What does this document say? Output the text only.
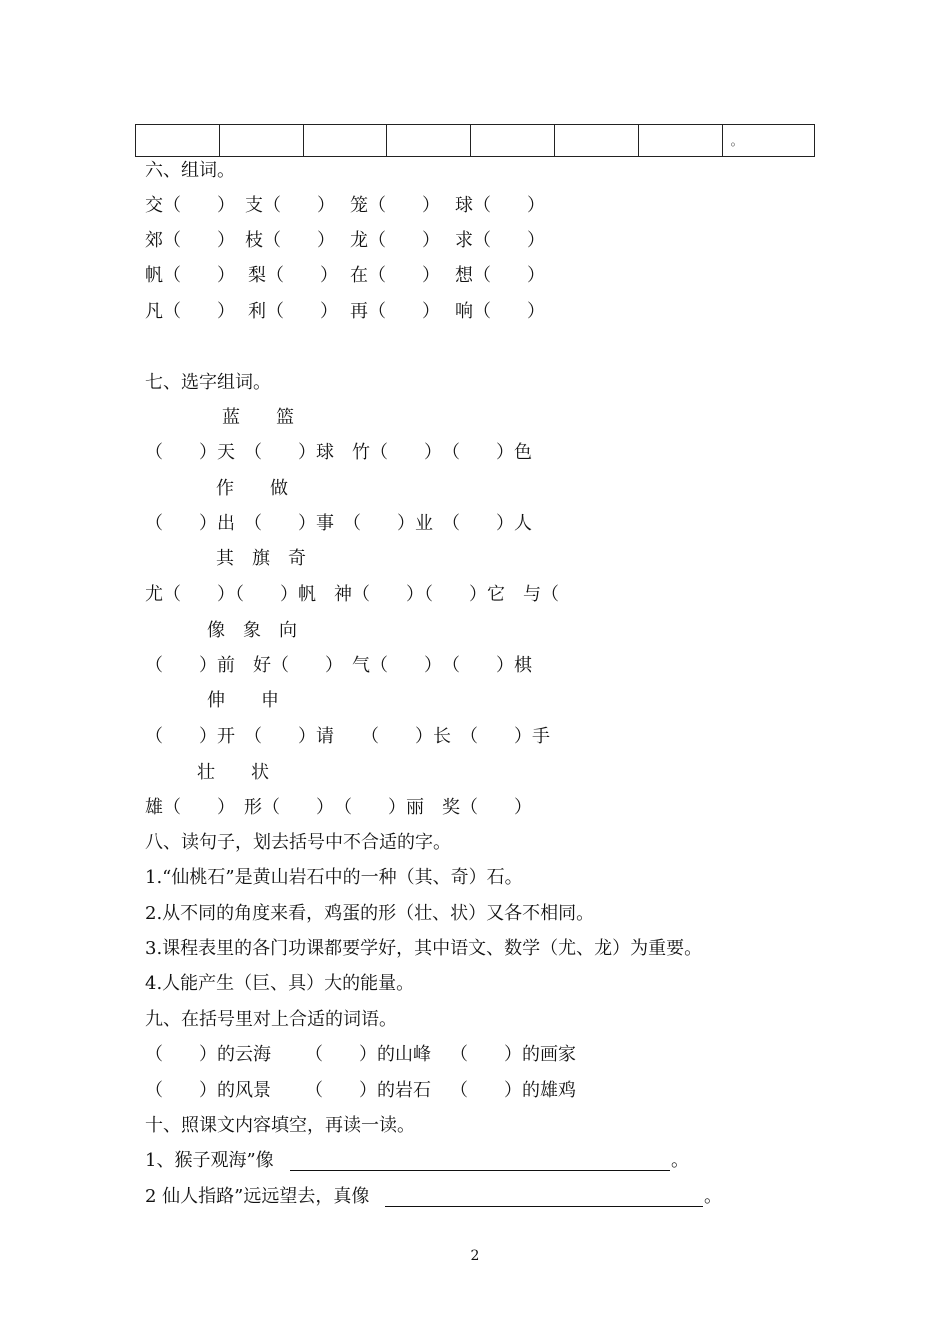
							。
六、组词。
交（　　） 支（　　） 笼（　　） 球（　　）
郊（　　） 枝（　　） 龙（　　） 求（　　）
帆（　　） 梨（　　） 在（　　） 想（　　）
凡（　　） 利（　　） 再（　　） 响（　　）
七、选字组词。
蓝　　篮
（　　）天　（　　）球　竹（　　）　（　　）色
作　　做
（　　）出　（　　）事　（　　）业　（　　）人
其　旗　奇
尤（　　）（　　）帆　神（　　）（　　）它　与（
像　象　向
（　　）前　好（　　）　气（　　）　（　　）棋
伸　　申
（　　）开　（　　）请　　（　　）长　（　　）手
壮　　状
雄（　　）　形（　　）　（　　）丽　奖（　　）
八、读句子，划去括号中不合适的字。
1.“仙桃石”是黄山岩石中的一种（其、奇）石。
2.从不同的角度来看，鸡蛋的形（壮、状）又各不相同。
3.课程表里的各门功课都要学好，其中语文、数学（尤、龙）为重要。
4.人能产生（巨、具）大的能量。
九、在括号里对上合适的词语。
（　　）的云海 （　　）的山峰 （　　）的画家
（　　）的风景 （　　）的岩石 （　　）的雄鸡
十、照课文内容填空，再读一读。
1、猴子观海”像	。
2 仙人指路”远远望去，真像	。
2
